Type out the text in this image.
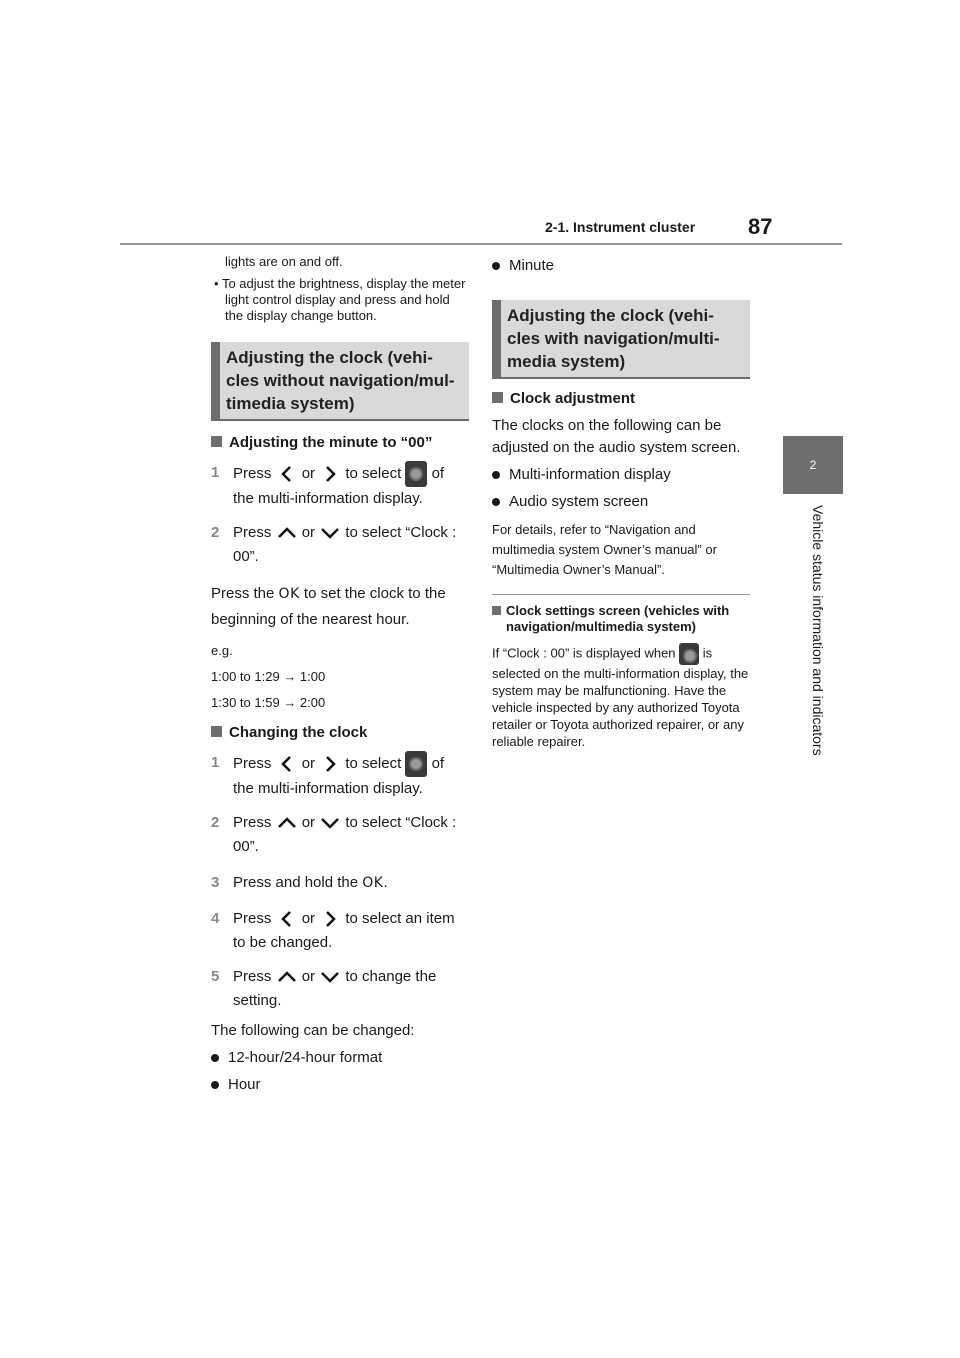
2-1. Instrument cluster 87
2
Vehicle status information and indicators
lights are on and off.
• To adjust the brightness, display the meter light control display and press and hold the display change button.
Adjusting the clock (vehi-cles without navigation/mul-timedia system)
Adjusting the minute to “00”
1 Press or to select of the multi-information display.
2 Press or to select “Clock : 00”.
Press the OK to set the clock to the beginning of the nearest hour.
e.g.
1:00 to 1:29 → 1:00
1:30 to 1:59 → 2:00
Changing the clock
1 Press or to select of the multi-information display.
2 Press or to select “Clock : 00”.
3 Press and hold the OK.
4 Press or to select an item to be changed.
5 Press or to change the setting.
The following can be changed:
12-hour/24-hour format
Hour
Minute
Adjusting the clock (vehi-cles with navigation/multi-media system)
Clock adjustment
The clocks on the following can be adjusted on the audio system screen.
Multi-information display
Audio system screen
For details, refer to “Navigation and multimedia system Owner’s manual” or “Multimedia Owner’s Manual”.
Clock settings screen (vehicles with navigation/multimedia system)
If “Clock : 00” is displayed when is selected on the multi-information display, the system may be malfunctioning. Have the vehicle inspected by any authorized Toyota retailer or Toyota authorized repairer, or any reliable repairer.
